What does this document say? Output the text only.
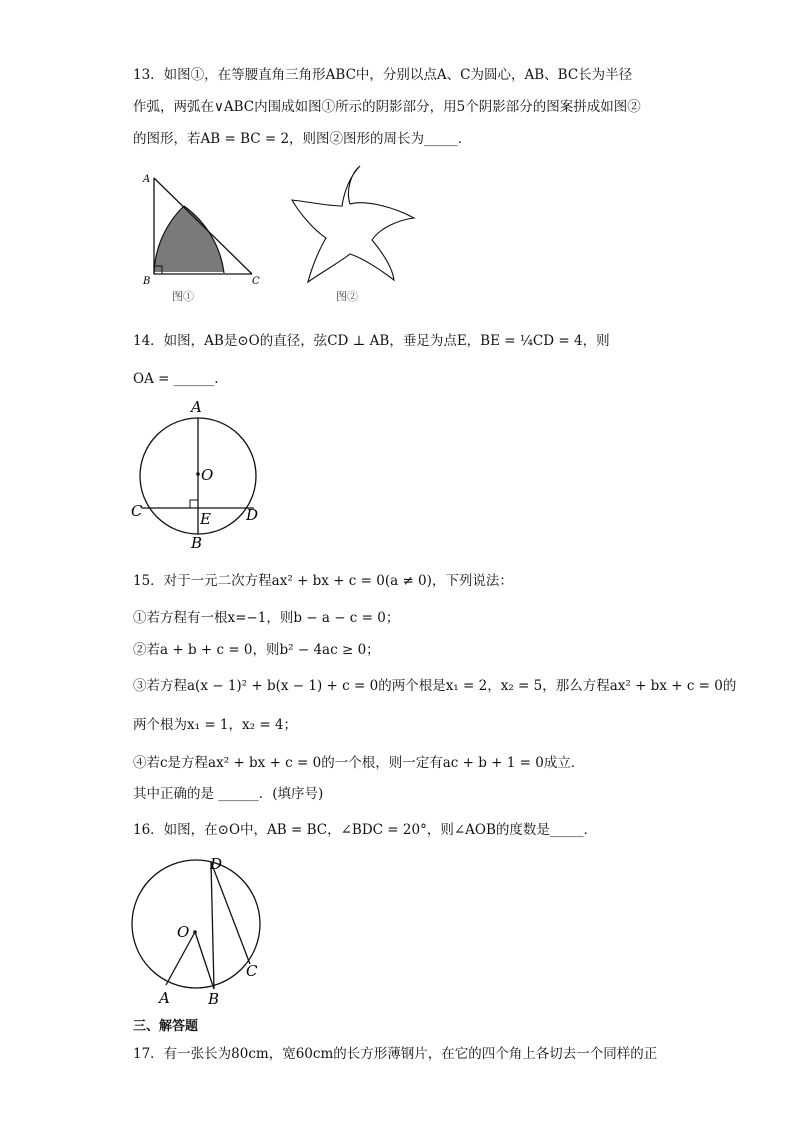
13．如图①，在等腰直角三角形ABC中，分别以点A、C为圆心，AB、BC长为半径
作弧，两弧在∨ABC内围成如图①所示的阴影部分，用5个阴影部分的图案拼成如图②
的图形，若AB = BC = 2，则图②图形的周长为_____．
A
B	C
图①	图②
14．如图，AB是⊙O的直径，弦CD ⊥ AB，垂足为点E，BE = ¼CD = 4，则
OA = ______.
A
O
C	E D
B
15．对于一元二次方程ax² + bx + c = 0(a ≠ 0)，下列说法：
①若方程有一根x=−1，则b − a − c = 0；
②若a + b + c = 0，则b² − 4ac ≥ 0；
③若方程a(x − 1)² + b(x − 1) + c = 0的两个根是x₁ = 2，x₂ = 5，那么方程ax² + bx + c = 0的
两个根为x₁ = 1，x₂ = 4；
④若c是方程ax² + bx + c = 0的一个根，则一定有ac + b + 1 = 0成立．
其中正确的是 ______．(填序号)
16．如图，在⊙O中，AB = BC，∠BDC = 20°，则∠AOB的度数是_____．
D
O
C
A	B
三、解答题
17．有一张长为80cm，宽60cm的长方形薄钢片，在它的四个角上各切去一个同样的正
